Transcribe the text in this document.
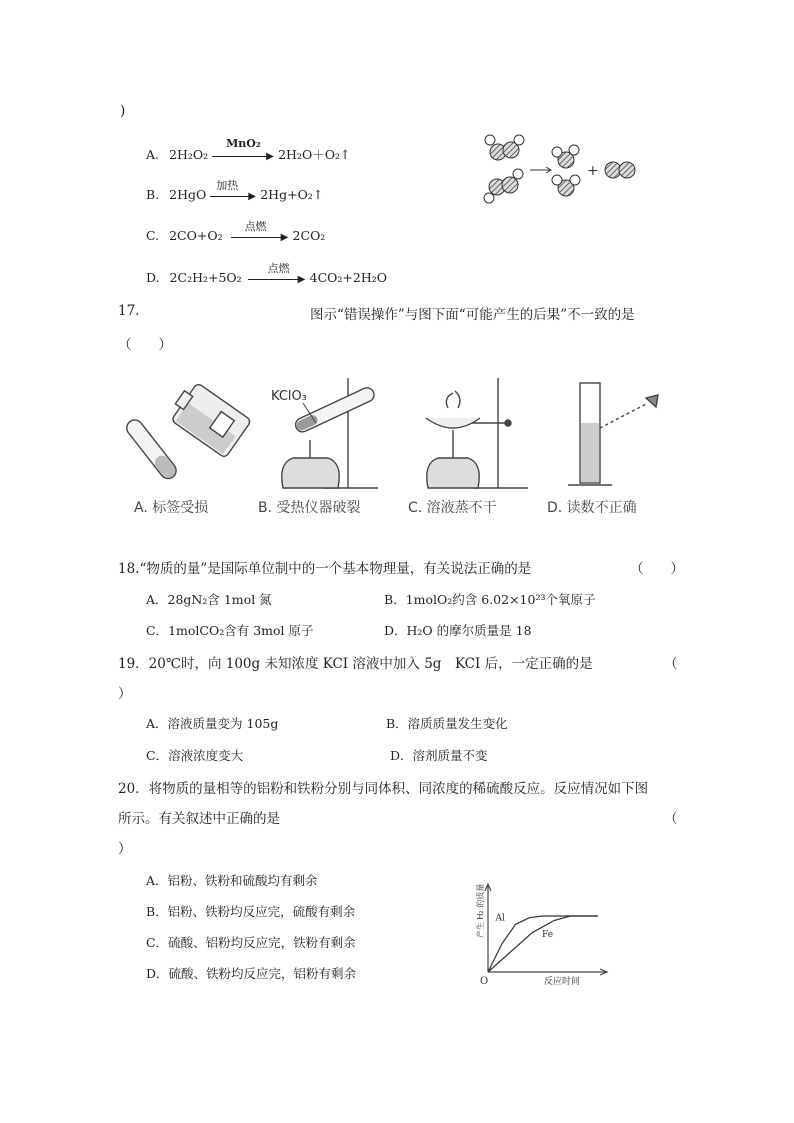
)
A. 2H₂O₂
MnO₂
▶ 2H₂O＋O₂↑
B. 2HgO
加热
▶ 2Hg+O₂↑
C. 2CO+O₂
点燃
▶ 2CO₂
D. 2C₂H₂+5O₂
点燃
▶ 4CO₂+2H₂O
+
17.	图示“错误操作”与图下面“可能产生的后果”不一致的是
（　　）
KClO₃
A. 标签受损	B. 受热仪器破裂	C. 溶液蒸不干	D. 读数不正确
18.“物质的量”是国际单位制中的一个基本物理量，有关说法正确的是	（　　）
A．28gN₂含 1mol 氮	B．1molO₂约含 6.02×10²³个氧原子
C．1molCO₂含有 3mol 原子	D．H₂O 的摩尔质量是 18
19．20℃时，向 100g 未知浓度 KCI 溶液中加入 5g　KCI 后，一定正确的是	（
）
A．溶液质量变为 105g	B．溶质质量发生变化
C．溶液浓度变大	D．溶剂质量不变
20．将物质的量相等的铝粉和铁粉分别与同体积、同浓度的稀硫酸反应。反应情况如下图
所示。有关叙述中正确的是	（
）
A．铝粉、铁粉和硫酸均有剩余
B．铝粉、铁粉均反应完，硫酸有剩余
C．硫酸、铝粉均反应完，铁粉有剩余
D．硫酸、铁粉均反应完，铝粉有剩余
Al
Fe
O	反应时间
产生 H₂ 的质量
